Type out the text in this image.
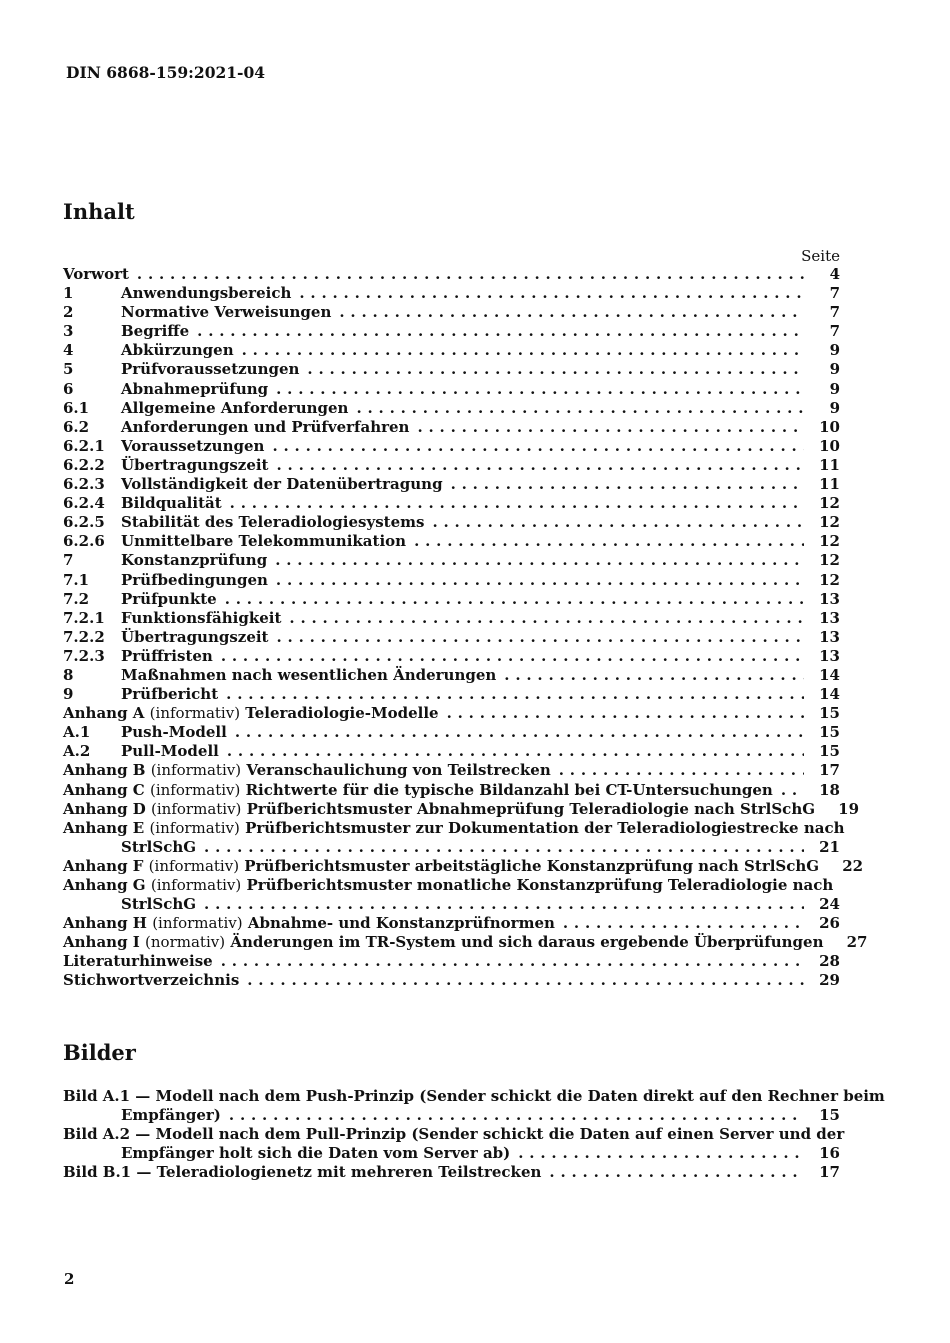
DIN 6868-159:2021-04
Inhalt
Seite
Vorwort . . .	4
1	Anwendungsbereich . . .	7
2	Normative Verweisungen . . .	7
3	Begriffe . . .	7
4	Abkürzungen . . .	9
5	Prüfvoraussetzungen . . .	9
6	Abnahmeprüfung . . .	9
6.1	Allgemeine Anforderungen . . .	9
6.2	Anforderungen und Prüfverfahren . . .	10
6.2.1	Voraussetzungen . . .	10
6.2.2	Übertragungszeit . . .	11
6.2.3	Vollständigkeit der Datenübertragung . . .	11
6.2.4	Bildqualität . . .	12
6.2.5	Stabilität des Teleradiologiesystems . . .	12
6.2.6	Unmittelbare Telekommunikation . . .	12
7	Konstanzprüfung . . .	12
7.1	Prüfbedingungen . . .	12
7.2	Prüfpunkte . . .	13
7.2.1	Funktionsfähigkeit . . .	13
7.2.2	Übertragungszeit . . .	13
7.2.3	Prüffristen . . .	13
8	Maßnahmen nach wesentlichen Änderungen . . .	14
9	Prüfbericht . . .	14
Anhang A (informativ) Teleradiologie-Modelle . . .	15
A.1	Push-Modell . . .	15
A.2	Pull-Modell . . .	15
Anhang B (informativ) Veranschaulichung von Teilstrecken . . .	17
Anhang C (informativ) Richtwerte für die typische Bildanzahl bei CT-Untersuchungen . . .	18
Anhang D (informativ) Prüfberichtsmuster Abnahmeprüfung Teleradiologie nach StrlSchG	19
Anhang E (informativ) Prüfberichtsmuster zur Dokumentation der Teleradiologiestrecke nach
StrlSchG . . .	21
Anhang F (informativ) Prüfberichtsmuster arbeitstägliche Konstanzprüfung nach StrlSchG	22
Anhang G (informativ) Prüfberichtsmuster monatliche Konstanzprüfung Teleradiologie nach
StrlSchG . . .	24
Anhang H (informativ) Abnahme- und Konstanzprüfnormen . . .	26
Anhang I (normativ) Änderungen im TR-System und sich daraus ergebende Überprüfungen	27
Literaturhinweise . . .	28
Stichwortverzeichnis . . .	29
Bilder
Bild A.1 — Modell nach dem Push-Prinzip (Sender schickt die Daten direkt auf den Rechner beim
Empfänger) . . .	15
Bild A.2 — Modell nach dem Pull-Prinzip (Sender schickt die Daten auf einen Server und der
Empfänger holt sich die Daten vom Server ab) . . .	16
Bild B.1 — Teleradiologienetz mit mehreren Teilstrecken . . .	17
2
